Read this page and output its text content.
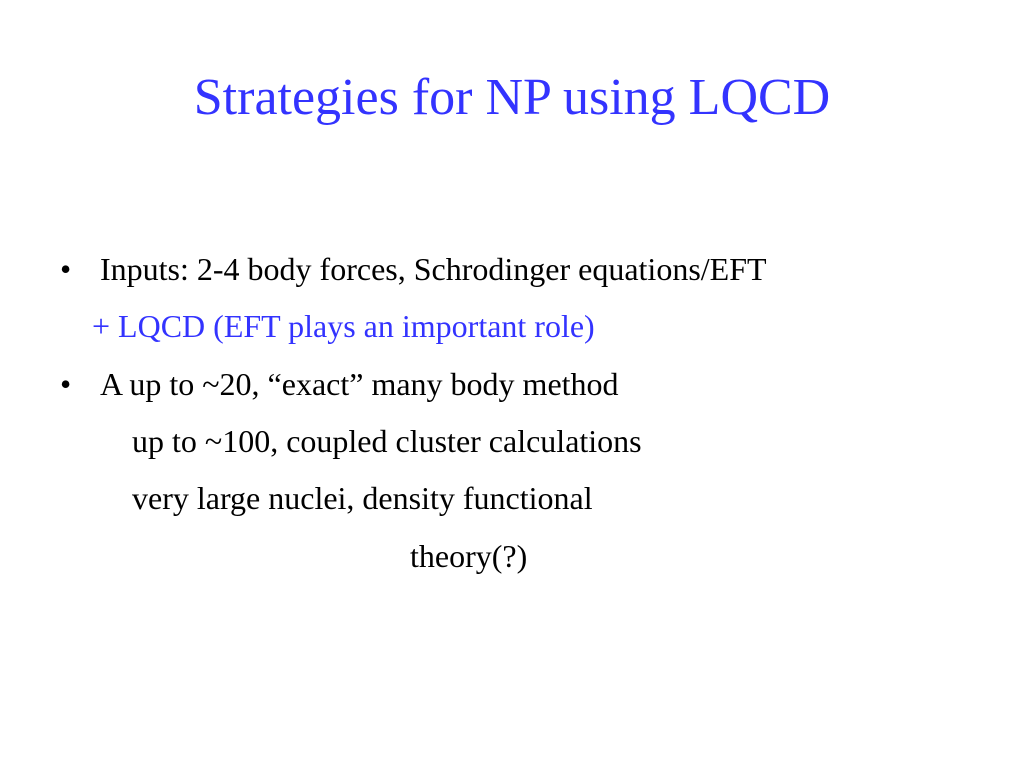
Strategies for NP using LQCD
• Inputs: 2-4 body forces, Schrodinger equations/EFT
+ LQCD (EFT plays an important role)
• A up to ~20, “exact” many body method
up to ~100, coupled cluster calculations
very large nuclei, density functional
theory(?)
